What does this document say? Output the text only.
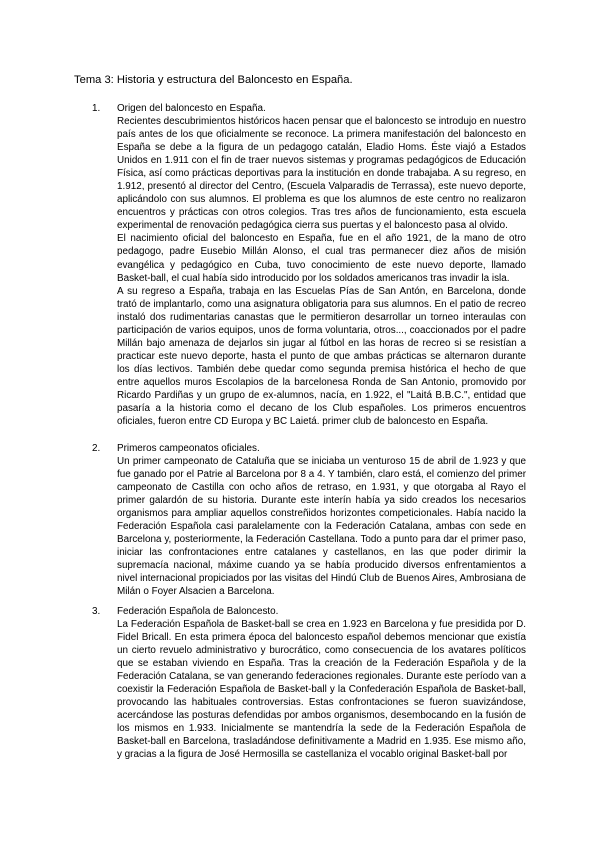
Tema 3: Historia y estructura del Baloncesto en España.
1. Origen del baloncesto en España.

Recientes descubrimientos históricos hacen pensar que el baloncesto se introdujo en nuestro país antes de los que oficialmente se reconoce. La primera manifestación del baloncesto en España se debe a la figura de un pedagogo catalán, Eladio Homs. Éste viajó a Estados Unidos en 1.911 con el fin de traer nuevos sistemas y programas pedagógicos de Educación Física, así como prácticas deportivas para la institución en donde trabajaba. A su regreso, en 1.912, presentó al director del Centro, (Escuela Valparadis de Terrassa), este nuevo deporte, aplicándolo con sus alumnos. El problema es que los alumnos de este centro no realizaron encuentros y prácticas con otros colegios. Tras tres años de funcionamiento, esta escuela experimental de renovación pedagógica cierra sus puertas y el baloncesto pasa al olvido.

El nacimiento oficial del baloncesto en España, fue en el año 1921, de la mano de otro pedagogo, padre Eusebio Millán Alonso, el cual tras permanecer diez años de misión evangélica y pedagógico en Cuba, tuvo conocimiento de este nuevo deporte, llamado Basket-ball, el cual había sido introducido por los soldados americanos tras invadir la isla.

A su regreso a España, trabaja en las Escuelas Pías de San Antón, en Barcelona, donde trató de implantarlo, como una asignatura obligatoria para sus alumnos. En el patio de recreo instaló dos rudimentarias canastas que le permitieron desarrollar un torneo interaulas con participación de varios equipos, unos de forma voluntaria, otros..., coaccionados por el padre Millán bajo amenaza de dejarlos sin jugar al fútbol en las horas de recreo si se resistían a practicar este nuevo deporte, hasta el punto de que ambas prácticas se alternaron durante los días lectivos. También debe quedar como segunda premisa histórica el hecho de que entre aquellos muros Escolapios de la barcelonesa Ronda de San Antonio, promovido por Ricardo Pardiñas y un grupo de ex-alumnos, nacía, en 1.922, el "Laitá B.B.C.", entidad que pasaría a la historia como el decano de los Club españoles. Los primeros encuentros oficiales, fueron entre CD Europa y BC Laietá. primer club de baloncesto en España.

2. Primeros campeonatos oficiales.

Un primer campeonato de Cataluña que se iniciaba un venturoso 15 de abril de 1.923 y que fue ganado por el Patrie al Barcelona por 8 a 4. Y también, claro está, el comienzo del primer campeonato de Castilla con ocho años de retraso, en 1.931, y que otorgaba al Rayo el primer galardón de su historia. Durante este interín había ya sido creados los necesarios organismos para ampliar aquellos constreñidos horizontes competicionales. Había nacido la Federación Española casi paralelamente con la Federación Catalana, ambas con sede en Barcelona y, posteriormente, la Federación Castellana. Todo a punto para dar el primer paso, iniciar las confrontaciones entre catalanes y castellanos, en las que poder dirimir la supremacía nacional, máxime cuando ya se había producido diversos enfrentamientos a nivel internacional propiciados por las visitas del Hindú Club de Buenos Aires, Ambrosiana de Milán o Foyer Alsacien a Barcelona.

3. Federación Española de Baloncesto.

La Federación Española de Basket-ball se crea en 1.923 en Barcelona y fue presidida por D. Fidel Bricall. En esta primera época del baloncesto español debemos mencionar que existía un cierto revuelo administrativo y burocrático, como consecuencia de los avatares políticos que se estaban viviendo en España. Tras la creación de la Federación Española y de la Federación Catalana, se van generando federaciones regionales. Durante este período van a coexistir la Federación Española de Basket-ball y la Confederación Española de Basket-ball, provocando las habituales controversias. Estas confrontaciones se fueron suavizándose, acercándose las posturas defendidas por ambos organismos, desembocando en la fusión de los mismos en 1.933. Inicialmente se mantendría la sede de la Federación Española de Basket-ball en Barcelona, trasladándose definitivamente a Madrid en 1.935. Ese mismo año, y gracias a la figura de José Hermosilla se castellaniza el vocablo original Basket-ball por
